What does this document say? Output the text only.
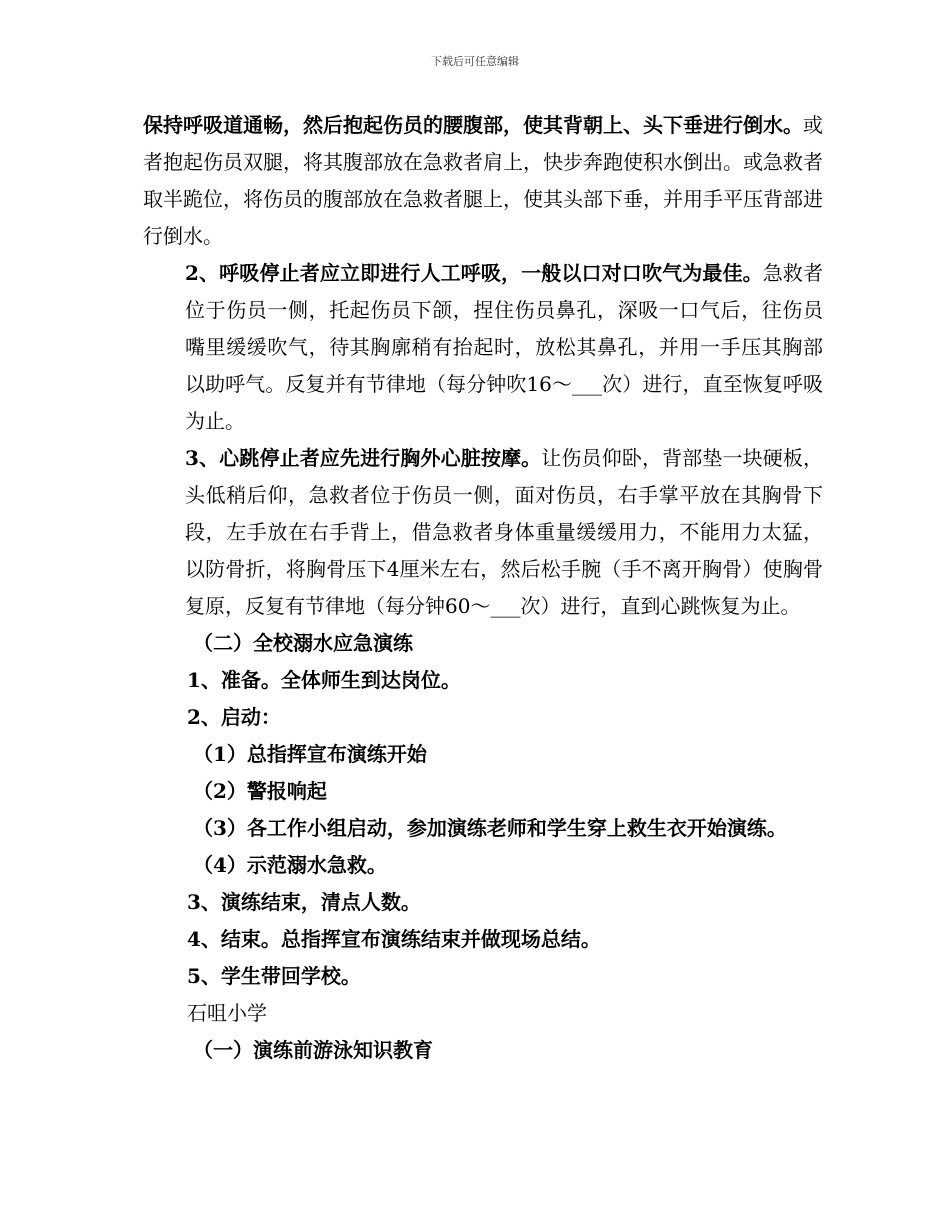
下载后可任意编辑

保持呼吸道通畅，然后抱起伤员的腰腹部，使其背朝上、头下垂进行倒水。或者抱起伤员双腿，将其腹部放在急救者肩上，快步奔跑使积水倒出。或急救者取半跪位，将伤员的腹部放在急救者腿上，使其头部下垂，并用手平压背部进行倒水。

2、呼吸停止者应立即进行人工呼吸，一般以口对口吹气为最佳。急救者位于伤员一侧，托起伤员下颌，捏住伤员鼻孔，深吸一口气后，往伤员嘴里缓缓吹气，待其胸廓稍有抬起时，放松其鼻孔，并用一手压其胸部以助呼气。反复并有节律地（每分钟吹16～___次）进行，直至恢复呼吸为止。

3、心跳停止者应先进行胸外心脏按摩。让伤员仰卧，背部垫一块硬板，头低稍后仰，急救者位于伤员一侧，面对伤员，右手掌平放在其胸骨下段，左手放在右手背上，借急救者身体重量缓缓用力，不能用力太猛，以防骨折，将胸骨压下4厘米左右，然后松手腕（手不离开胸骨）使胸骨复原，反复有节律地（每分钟60～___次）进行，直到心跳恢复为止。

（二）全校溺水应急演练

1、准备。全体师生到达岗位。

2、启动：

（1）总指挥宣布演练开始

（2）警报响起

（3）各工作小组启动，参加演练老师和学生穿上救生衣开始演练。

（4）示范溺水急救。

3、演练结束，清点人数。

4、结束。总指挥宣布演练结束并做现场总结。

5、学生带回学校。

石咀小学

（一）演练前游泳知识教育
